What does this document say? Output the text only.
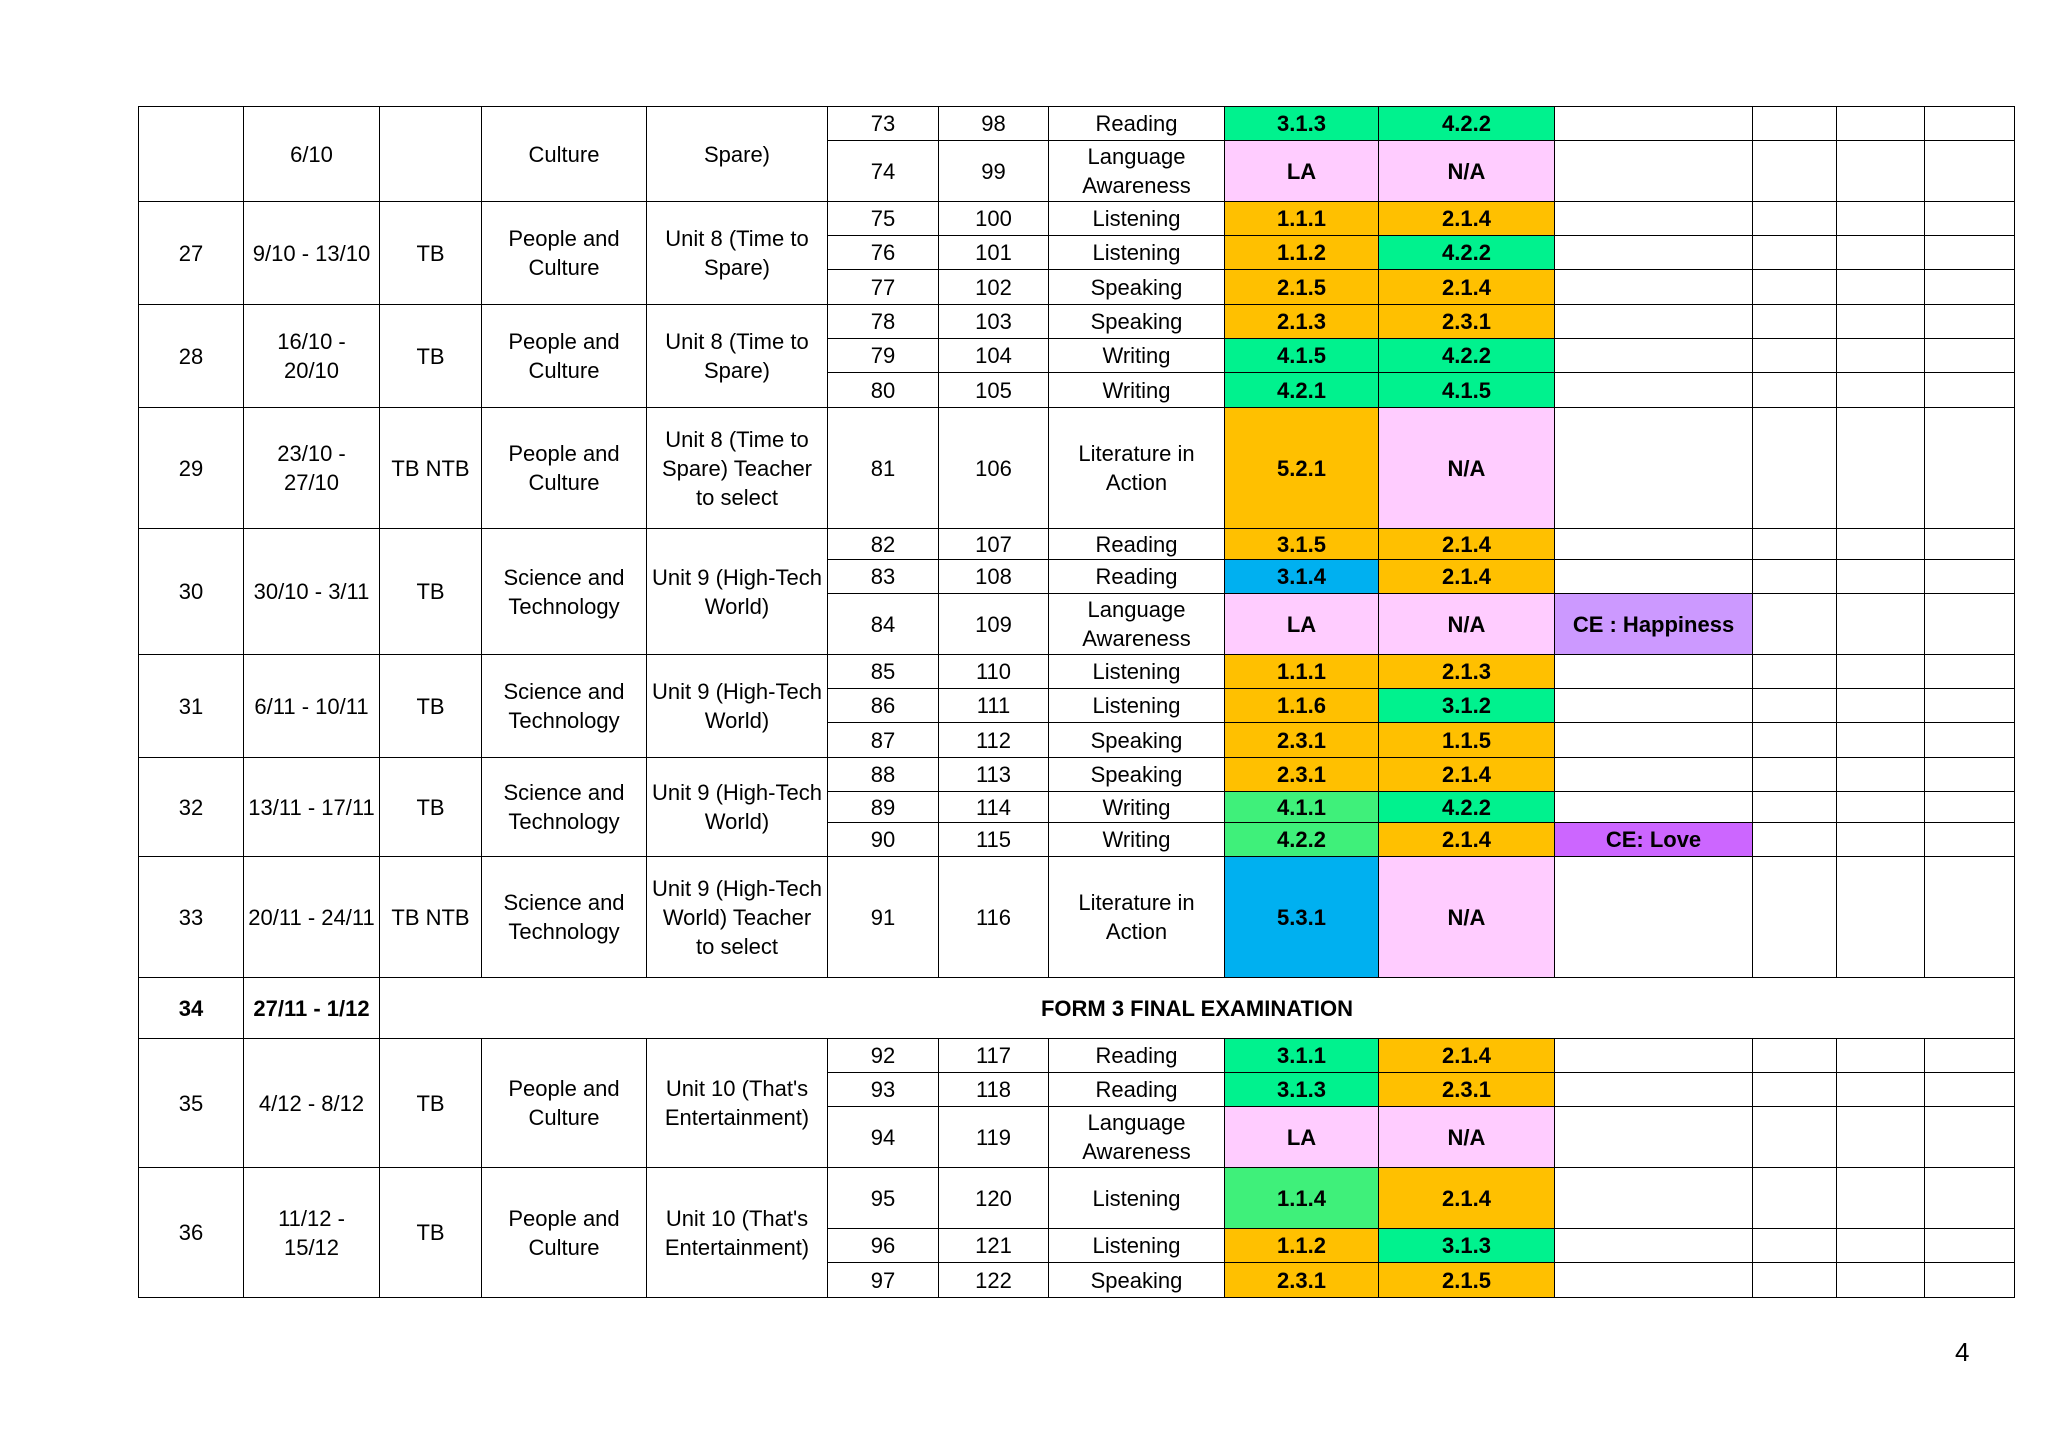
	6/10		Culture	Spare)	73	98	Reading	3.1.3	4.2.2				
					74	99	Language Awareness	LA	N/A				
27	9/10 - 13/10	TB	People and Culture	Unit 8 (Time to Spare)	75	100	Listening	1.1.1	2.1.4				
					76	101	Listening	1.1.2	4.2.2				
					77	102	Speaking	2.1.5	2.1.4				
28	16/10 - 20/10	TB	People and Culture	Unit 8 (Time to Spare)	78	103	Speaking	2.1.3	2.3.1				
					79	104	Writing	4.1.5	4.2.2				
					80	105	Writing	4.2.1	4.1.5				
29	23/10 - 27/10	TB NTB	People and Culture	Unit 8 (Time to Spare) Teacher to select	81	106	Literature in Action	5.2.1	N/A				
30	30/10 - 3/11	TB	Science and Technology	Unit 9 (High-Tech World)	82	107	Reading	3.1.5	2.1.4				
					83	108	Reading	3.1.4	2.1.4				
					84	109	Language Awareness	LA	N/A	CE : Happiness			
31	6/11 - 10/11	TB	Science and Technology	Unit 9 (High-Tech World)	85	110	Listening	1.1.1	2.1.3				
					86	111	Listening	1.1.6	3.1.2				
					87	112	Speaking	2.3.1	1.1.5				
32	13/11 - 17/11	TB	Science and Technology	Unit 9 (High-Tech World)	88	113	Speaking	2.3.1	2.1.4				
					89	114	Writing	4.1.1	4.2.2				
					90	115	Writing	4.2.2	2.1.4	CE: Love			
33	20/11 - 24/11	TB NTB	Science and Technology	Unit 9 (High-Tech World) Teacher to select	91	116	Literature in Action	5.3.1	N/A				
34	27/11 - 1/12	FORM 3 FINAL EXAMINATION											
35	4/12 - 8/12	TB	People and Culture	Unit 10 (That's Entertainment)	92	117	Reading	3.1.1	2.1.4				
					93	118	Reading	3.1.3	2.3.1				
					94	119	Language Awareness	LA	N/A				
36	11/12 - 15/12	TB	People and Culture	Unit 10 (That's Entertainment)	95	120	Listening	1.1.4	2.1.4				
					96	121	Listening	1.1.2	3.1.3				
					97	122	Speaking	2.3.1	2.1.5				
4
